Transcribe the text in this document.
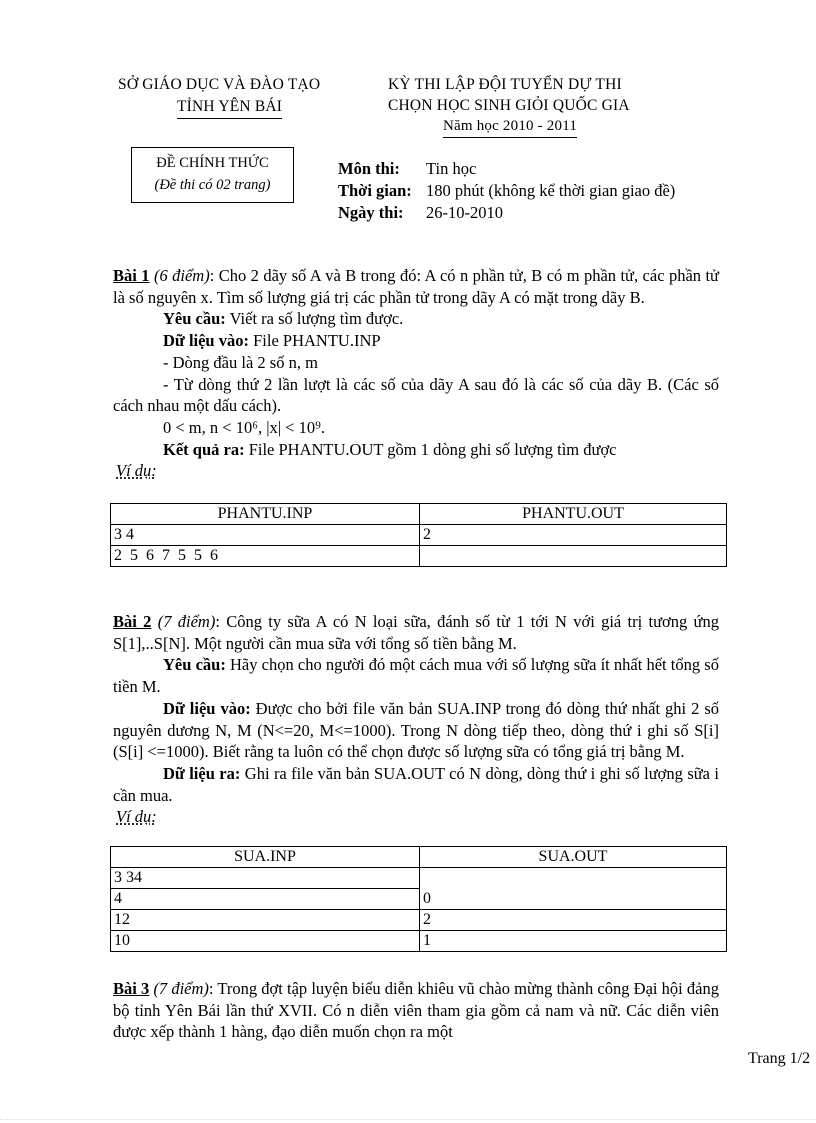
SỞ GIÁO DỤC VÀ ĐÀO TẠO
TỈNH YÊN BÁI
KỲ THI LẬP ĐỘI TUYỂN DỰ THI
CHỌN HỌC SINH GIỎI QUỐC GIA
Năm học 2010 - 2011
ĐỀ CHÍNH THỨC
(Đề thi có 02 trang)
Môn thi: Tin học
Thời gian: 180 phút (không kể thời gian giao đề)
Ngày thi: 26-10-2010

Bài 1 (6 điểm): Cho 2 dãy số A và B trong đó: A có n phần tử, B có m phần tử, các phần tử là số nguyên x. Tìm số lượng giá trị các phần tử trong dãy A có mặt trong dãy B.

Yêu cầu: Viết ra số lượng tìm được.

Dữ liệu vào: File PHANTU.INP

- Dòng đầu là 2 số n, m

- Từ dòng thứ 2 lần lượt là các số của dãy A sau đó là các số của dãy B. (Các số cách nhau một dấu cách).

0 < m, n < 10⁶, |x| < 10⁹.

Kết quả ra: File PHANTU.OUT gồm 1 dòng ghi số lượng tìm được

Ví dụ:

PHANTU.INP	PHANTU.OUT
3 4	2
2 5 6 7 5 5 6	

Bài 2 (7 điểm): Công ty sữa A có N loại sữa, đánh số từ 1 tới N với giá trị tương ứng S[1],..S[N]. Một người cần mua sữa với tổng số tiền bằng M.

Yêu cầu: Hãy chọn cho người đó một cách mua với số lượng sữa ít nhất hết tổng số tiền M.

Dữ liệu vào: Được cho bởi file văn bản SUA.INP trong đó dòng thứ nhất ghi 2 số nguyên dương N, M (N<=20, M<=1000). Trong N dòng tiếp theo, dòng thứ i ghi số S[i] (S[i] <=1000). Biết rằng ta luôn có thể chọn được số lượng sữa có tổng giá trị bằng M.

Dữ liệu ra: Ghi ra file văn bản SUA.OUT có N dòng, dòng thứ i ghi số lượng sữa i cần mua.

Ví dụ:

SUA.INP	SUA.OUT
3 34	
4	0
12	2
10	1

Bài 3 (7 điểm): Trong đợt tập luyện biểu diễn khiêu vũ chào mừng thành công Đại hội đảng bộ tỉnh Yên Bái lần thứ XVII. Có n diễn viên tham gia gồm cả nam và nữ. Các diễn viên được xếp thành 1 hàng, đạo diễn muốn chọn ra một

Trang 1/2
